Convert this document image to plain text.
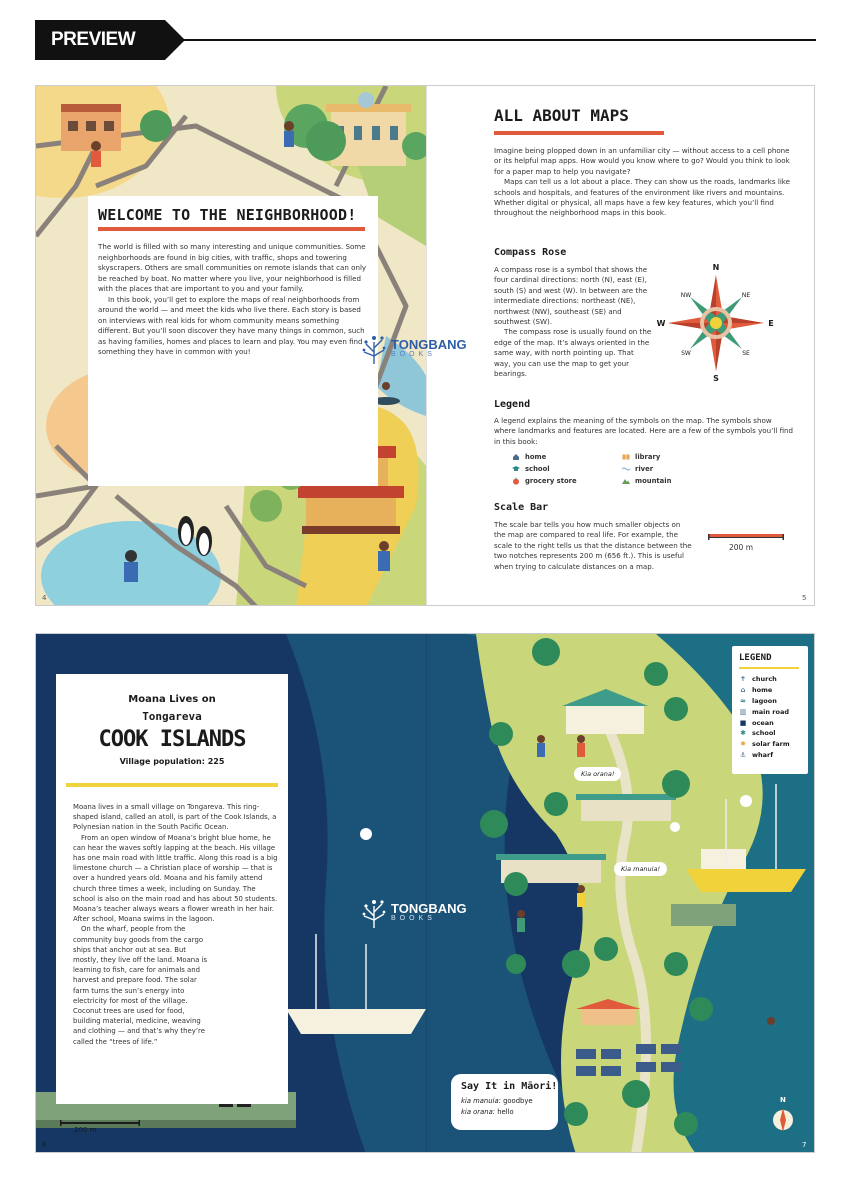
PREVIEW
WELCOME TO THE NEIGHBORHOOD!

The world is filled with so many interesting and unique communities. Some neighborhoods are found in big cities, with traffic, shops and towering skyscrapers. Others are small communities on remote islands that can only be reached by boat. No matter where you live, your neighborhood is filled with the places that are important to you and your family.

In this book, you’ll get to explore the maps of real neighborhoods from around the world — and meet the kids who live there. Each story is based on interviews with real kids for whom community means something different. But you’ll soon discover they have many things in common, such as having families, homes and places to learn and play. You may even find something they have in common with you!	TONGBANG
BOOKS
4
ALL ABOUT MAPS

Imagine being plopped down in an unfamiliar city — without access to a cell phone or its helpful map apps. How would you know where to go? Would you think to look for a paper map to help you navigate?

Maps can tell us a lot about a place. They can show us the roads, landmarks like schools and hospitals, and features of the environment like rivers and mountains. Whether digital or physical, all maps have a few key features, which you’ll find throughout the neighborhood maps in this book.

Compass Rose

A compass rose is a symbol that shows the four cardinal directions: north (N), east (E), south (S) and west (W). In between are the intermediate directions: northeast (NE), northwest (NW), southeast (SE) and southwest (SW).

The compass rose is usually found on the edge of the map. It’s always oriented in the same way, with north pointing up. That way, you can use the map to get your bearings.

N
S
E
W
NE
NW
SE
SW
Legend
A legend explains the meaning of the symbols on the map. The symbols show where landmarks and features are located. Here are a few of the symbols you’ll find in this book:
home	library
school	river
grocery store	mountain
Scale Bar
The scale bar tells you how much smaller objects on the map are compared to real life. For example, the scale to the right tells us that the distance between the two notches represents 200 m (656 ft.). This is useful when trying to calculate distances on a map.
200 m
5
Moana Lives on
Tongareva
COOK ISLANDS
Village population: 225

Moana lives in a small village on Tongareva. This ring-shaped island, called an atoll, is part of the Cook Islands, a Polynesian nation in the South Pacific Ocean.

From an open window of Moana’s bright blue home, he can hear the waves softly lapping at the beach. His village has one main road with little traffic. Along this road is a big limestone church — a Christian place of worship — that is over a hundred years old. Moana and his family attend church three times a week, including on Sunday. The school is also on the main road and has about 50 students. Moana’s teacher always wears a flower wreath in her hair. After school, Moana swims in the lagoon.

On the wharf, people from the community buy goods from the cargo ships that anchor out at sea. But mostly, they live off the land. Moana is learning to fish, care for animals and harvest and prepare food. The solar farm turns the sun’s energy into electricity for most of the village. Coconut trees are used for food, building material, medicine, weaving and clothing — and that’s why they’re called the “trees of life.”

TONGBANG
BOOKS
200 m
6
LEGEND
✝ church
⌂ home
≈ lagoon
▥ main road
■ ocean
✱ school
✹ solar farm
⚓ wharf
Kia orana!
Kia manuia!
Say It in Māori!
kia manuia: goodbye
kia orana: hello
N
7
